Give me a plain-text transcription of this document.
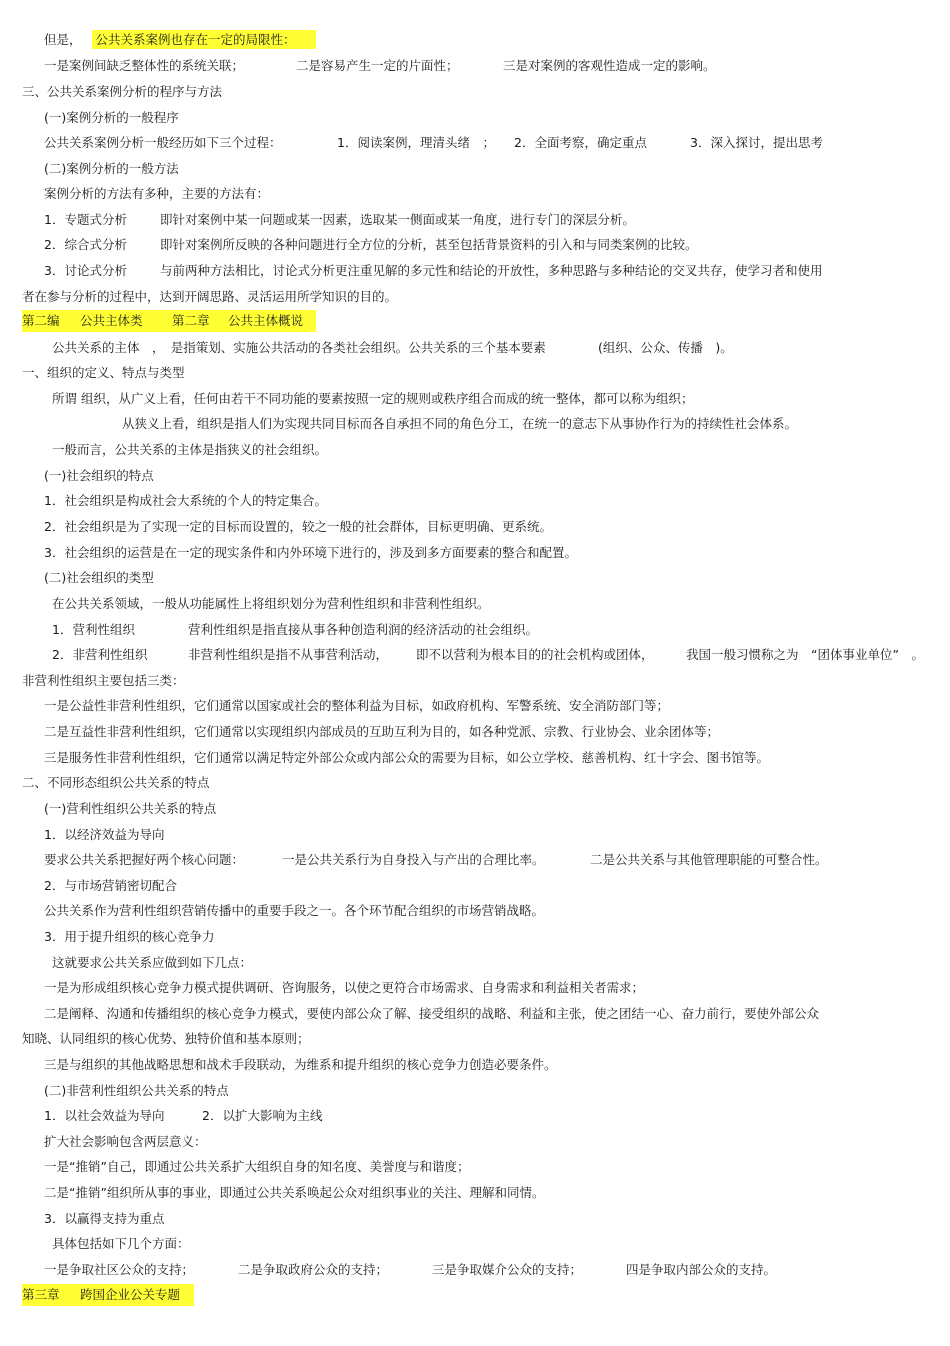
但是， 公共关系案例也存在一定的局限性：
一是案例间缺乏整体性的系统关联；	二是容易产生一定的片面性；	三是对案例的客观性造成一定的影响。
三、公共关系案例分析的程序与方法
(一)案例分析的一般程序
公共关系案例分析一般经历如下三个过程：	1．阅读案例，理清头绪　； 2．全面考察，确定重点	3．深入探讨，提出思考
(二)案例分析的一般方法
案例分析的方法有多种，主要的方法有：
1．专题式分析	即针对案例中某一问题或某一因素，选取某一侧面或某一角度，进行专门的深层分析。
2．综合式分析	即针对案例所反映的各种问题进行全方位的分析，甚至包括背景资料的引入和与同类案例的比较。
3．讨论式分析	与前两种方法相比，讨论式分析更注重见解的多元性和结论的开放性，多种思路与多种结论的交叉共存，使学习者和使用
者在参与分析的过程中，达到开阔思路、灵活运用所学知识的目的。
第二编 公共主体类 第二章 公共主体概说
公共关系的主体　，　是指策划、实施公共活动的各类社会组织。公共关系的三个基本要素	(组织、公众、传播　)。
一、组织的定义、特点与类型
所谓 组织，从广义上看，任何由若干不同功能的要素按照一定的规则或秩序组合而成的统一整体，都可以称为组织；
从狭义上看，组织是指人们为实现共同目标而各自承担不同的角色分工，在统一的意志下从事协作行为的持续性社会体系。
一般而言，公共关系的主体是指狭义的社会组织。
(一)社会组织的特点
1．社会组织是构成社会大系统的个人的特定集合。
2．社会组织是为了实现一定的目标而设置的，较之一般的社会群体，目标更明确、更系统。
3．社会组织的运营是在一定的现实条件和内外环境下进行的，涉及到多方面要素的整合和配置。
(二)社会组织的类型
在公共关系领域，一般从功能属性上将组织划分为营利性组织和非营利性组织。
1．营利性组织	营利性组织是指直接从事各种创造利润的经济活动的社会组织。
2．非营利性组织	非营利性组织是指不从事营利活动， 即不以营利为根本目的的社会机构或团体，	我国一般习惯称之为　“团体事业单位”　。
非营利性组织主要包括三类：
一是公益性非营利性组织，它们通常以国家或社会的整体利益为目标，如政府机构、军警系统、安全消防部门等；
二是互益性非营利性组织，它们通常以实现组织内部成员的互助互利为目的，如各种党派、宗教、行业协会、业余团体等；
三是服务性非营利性组织，它们通常以满足特定外部公众或内部公众的需要为目标，如公立学校、慈善机构、红十字会、图书馆等。
二、不同形态组织公共关系的特点
(一)营利性组织公共关系的特点
1．以经济效益为导向
要求公共关系把握好两个核心问题：	一是公共关系行为自身投入与产出的合理比率。	二是公共关系与其他管理职能的可整合性。
2．与市场营销密切配合
公共关系作为营利性组织营销传播中的重要手段之一。各个环节配合组织的市场营销战略。
3．用于提升组织的核心竞争力
这就要求公共关系应做到如下几点：
一是为形成组织核心竞争力模式提供调研、咨询服务，以使之更符合市场需求、自身需求和利益相关者需求；
二是阐释、沟通和传播组织的核心竞争力模式，要使内部公众了解、接受组织的战略、利益和主张，使之团结一心、奋力前行，要使外部公众
知晓、认同组织的核心优势、独特价值和基本原则；
三是与组织的其他战略思想和战术手段联动，为维系和提升组织的核心竞争力创造必要条件。
(二)非营利性组织公共关系的特点
1．以社会效益为导向	2．以扩大影响为主线
扩大社会影响包含两层意义：
一是“推销”自己，即通过公共关系扩大组织自身的知名度、美誉度与和谐度；
二是“推销”组织所从事的事业，即通过公共关系唤起公众对组织事业的关注、理解和同情。
3．以赢得支持为重点
具体包括如下几个方面：
一是争取社区公众的支持；	二是争取政府公众的支持；	三是争取媒介公众的支持；	四是争取内部公众的支持。
第三章 跨国企业公关专题
